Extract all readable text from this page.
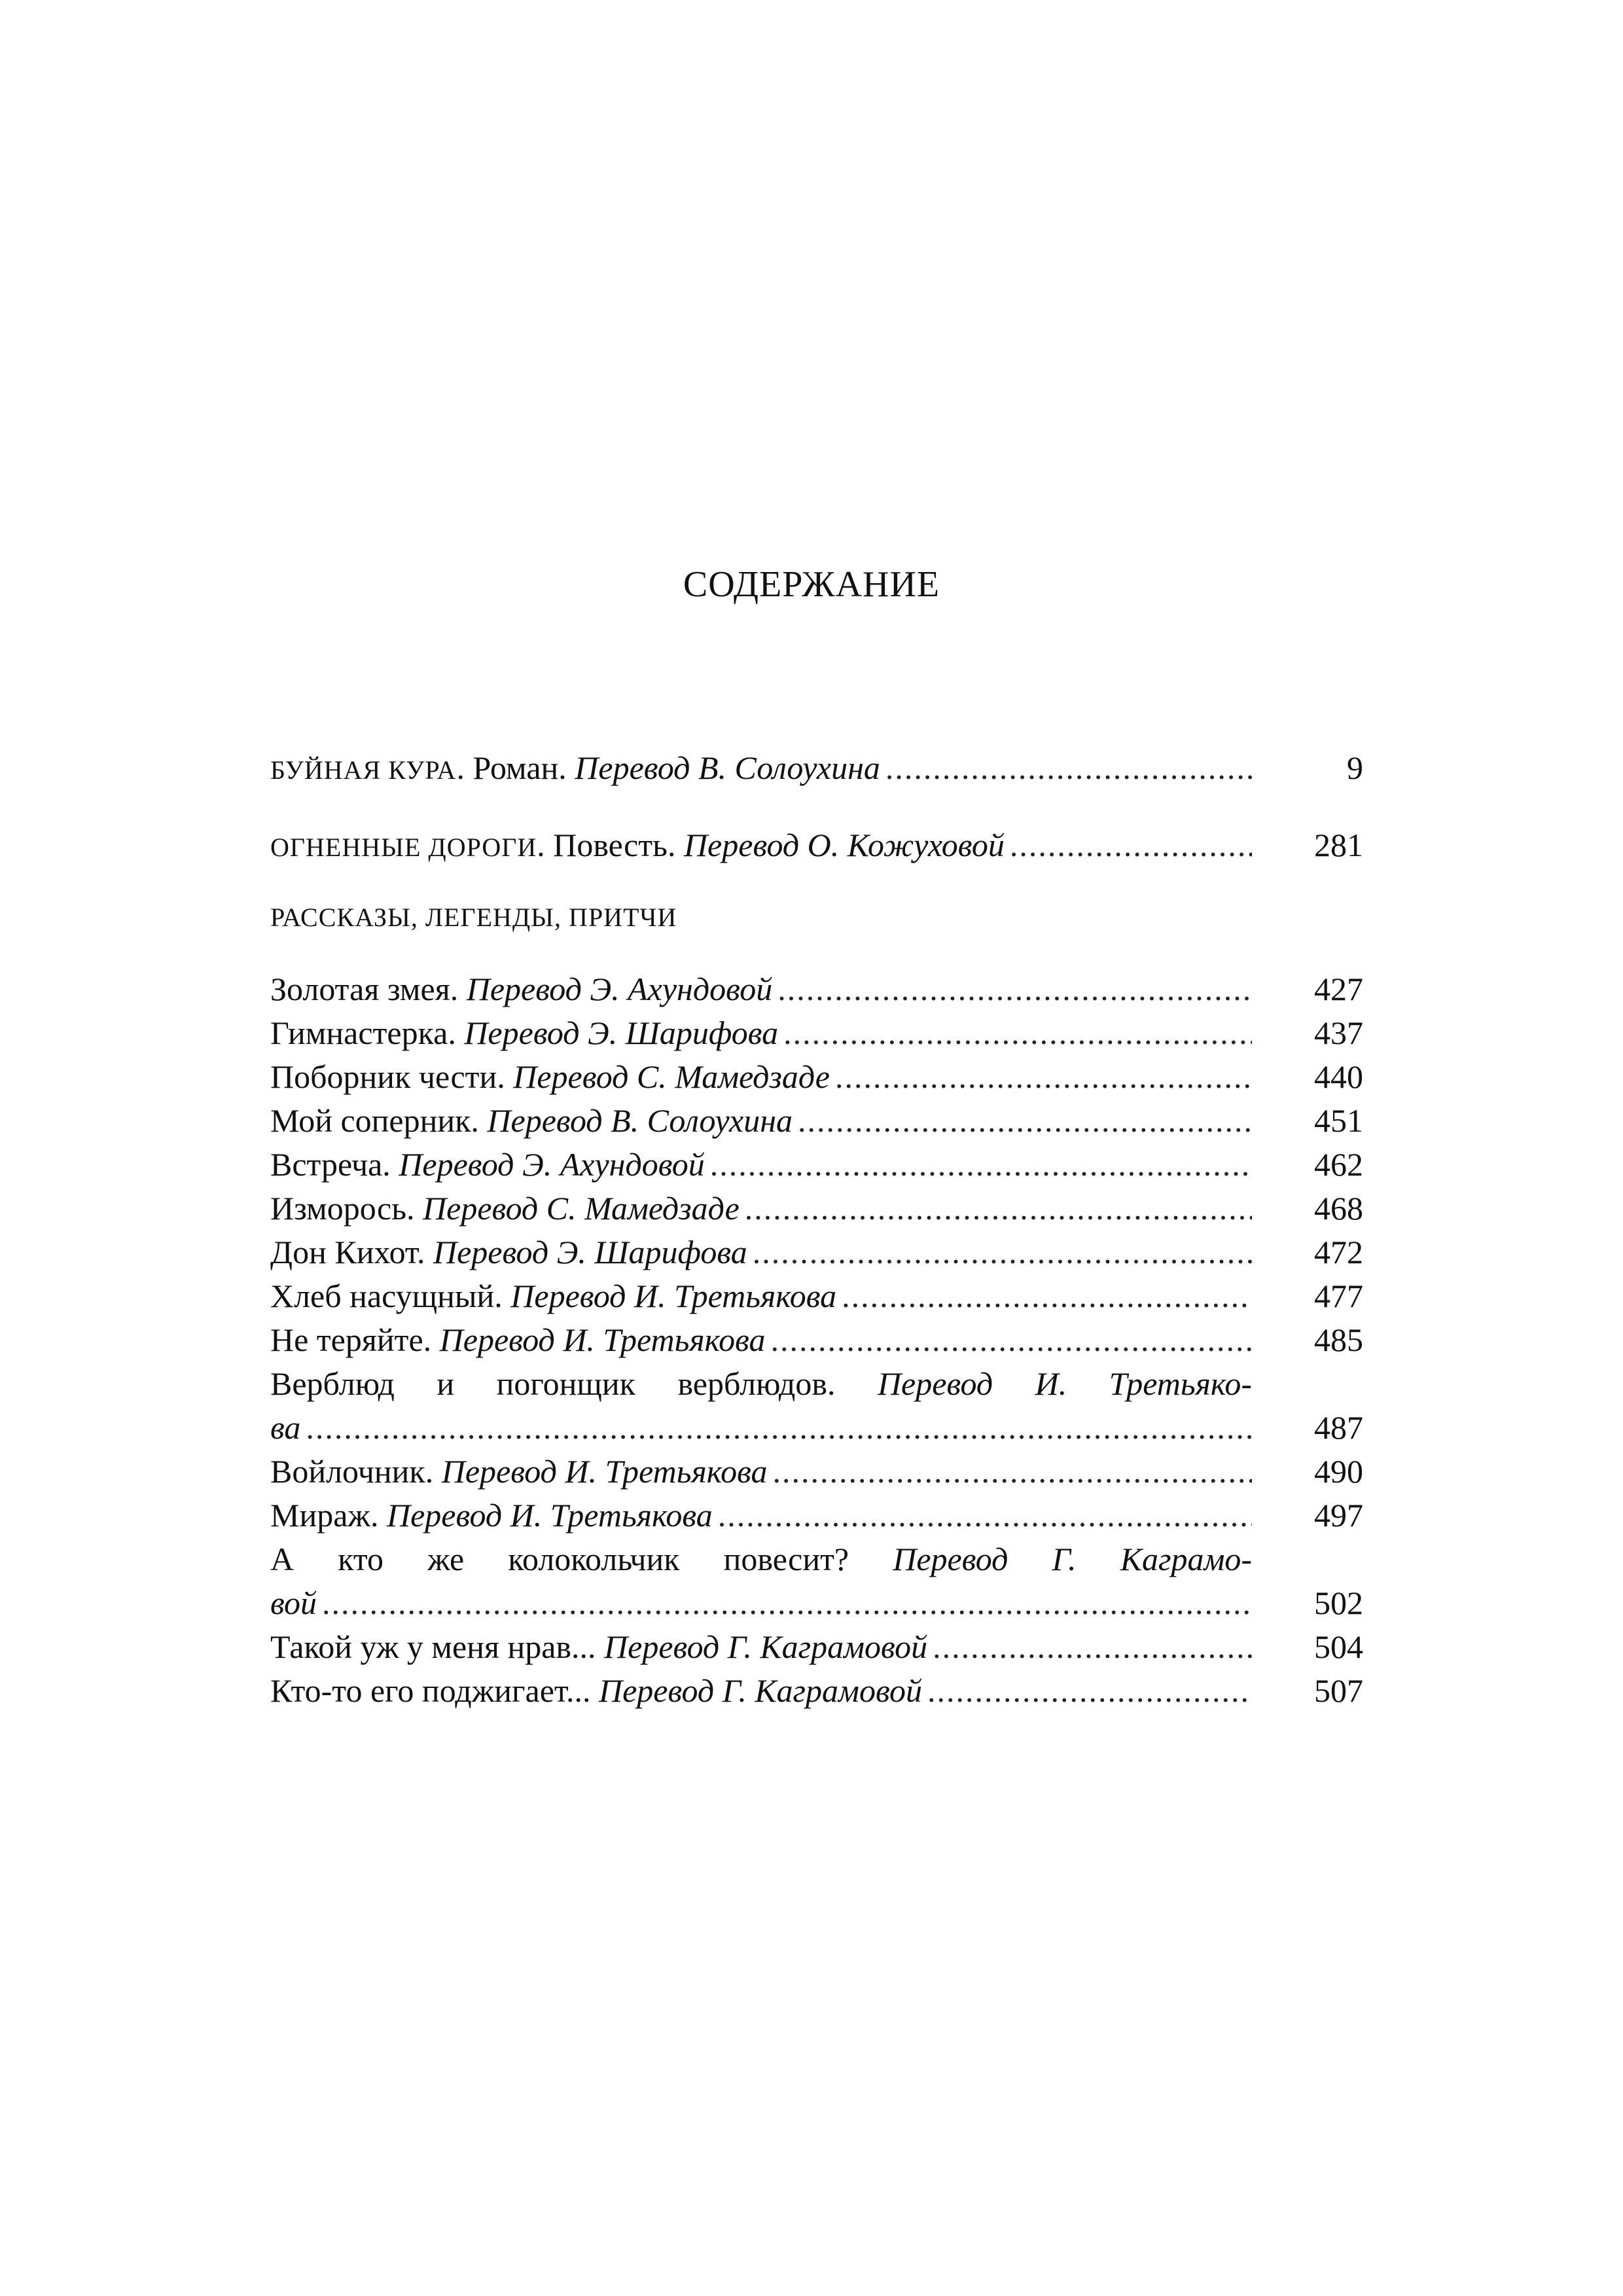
СОДЕРЖАНИЕ
БУЙНАЯ КУРА. Роман. Перевод В. Солоухина .....	9
ОГНЕННЫЕ ДОРОГИ. Повесть. Перевод О. Кожуховой .....	281
РАССКАЗЫ, ЛЕГЕНДЫ, ПРИТЧИ
Золотая змея. Перевод Э. Ахундовой .....	427
Гимнастерка. Перевод Э. Шарифова .....	437
Поборник чести. Перевод С. Мамедзаде .....	440
Мой соперник. Перевод В. Солоухина .....	451
Встреча. Перевод Э. Ахундовой .....	462
Изморось. Перевод С. Мамедзаде .....	468
Дон Кихот. Перевод Э. Шарифова .....	472
Хлеб насущный. Перевод И. Третьякова .....	477
Не теряйте. Перевод И. Третьякова .....	485
Верблюд и погонщик верблюдов. Перевод И. Третьяко-
ва .....	487
Войлочник. Перевод И. Третьякова .....	490
Мираж. Перевод И. Третьякова .....	497
А кто же колокольчик повесит? Перевод Г. Каграмо-
вой .....	502
Такой уж у меня нрав... Перевод Г. Каграмовой .....	504
Кто-то его поджигает... Перевод Г. Каграмовой .....	507
